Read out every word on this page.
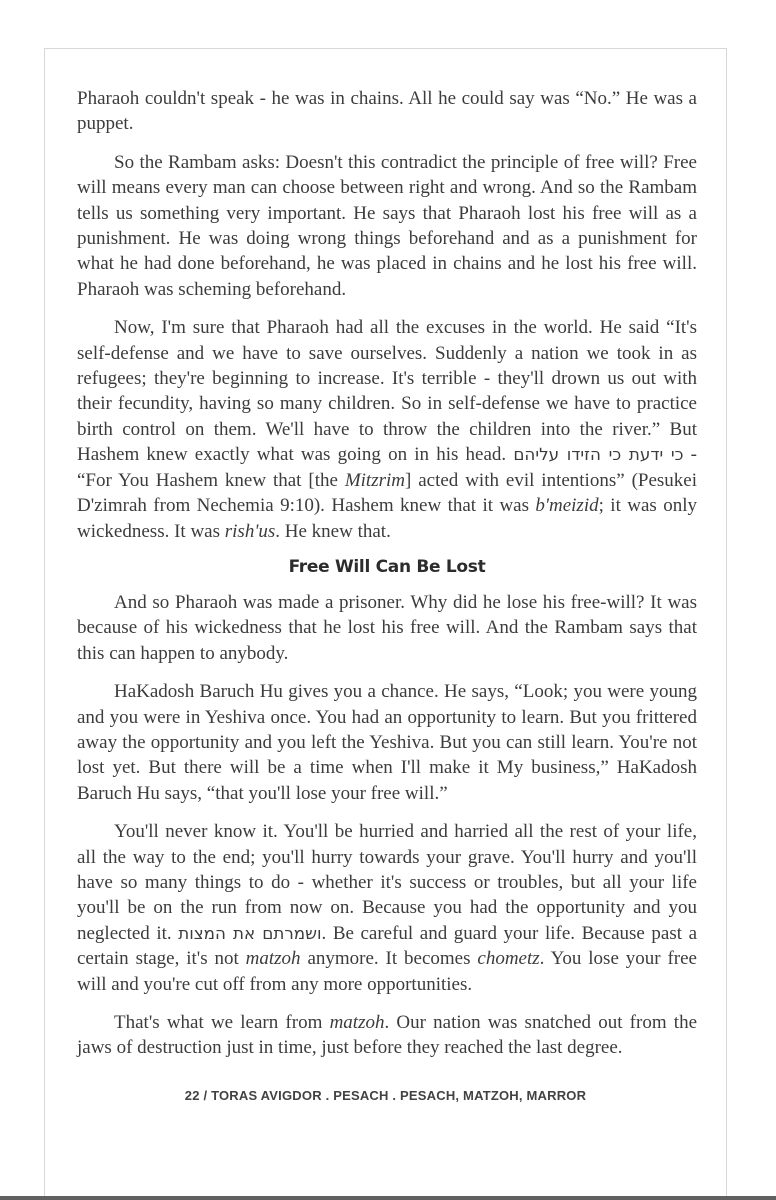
Pharaoh couldn't speak - he was in chains. All he could say was “No.” He was a puppet.

So the Rambam asks: Doesn't this contradict the principle of free will? Free will means every man can choose between right and wrong. And so the Rambam tells us something very important. He says that Pharaoh lost his free will as a punishment. He was doing wrong things beforehand and as a punishment for what he had done beforehand, he was placed in chains and he lost his free will. Pharaoh was scheming beforehand.

Now, I'm sure that Pharaoh had all the excuses in the world. He said “It's self-defense and we have to save ourselves. Suddenly a nation we took in as refugees; they're beginning to increase. It's terrible - they'll drown us out with their fecundity, having so many children. So in self-defense we have to practice birth control on them. We'll have to throw the children into the river.” But Hashem knew exactly what was going on in his head. כי ידעת כי הזידו עליהם - “For You Hashem knew that [the Mitzrim] acted with evil intentions” (Pesukei D'zimrah from Nechemia 9:10). Hashem knew that it was b'meizid; it was only wickedness. It was rish'us. He knew that.

Free Will Can Be Lost

And so Pharaoh was made a prisoner. Why did he lose his free-will? It was because of his wickedness that he lost his free will. And the Rambam says that this can happen to anybody.

HaKadosh Baruch Hu gives you a chance. He says, “Look; you were young and you were in Yeshiva once. You had an opportunity to learn. But you frittered away the opportunity and you left the Yeshiva. But you can still learn. You're not lost yet. But there will be a time when I'll make it My business,” HaKadosh Baruch Hu says, “that you'll lose your free will.”

You'll never know it. You'll be hurried and harried all the rest of your life, all the way to the end; you'll hurry towards your grave. You'll hurry and you'll have so many things to do - whether it's success or troubles, but all your life you'll be on the run from now on. Because you had the opportunity and you neglected it. ושמרתם את המצות. Be careful and guard your life. Because past a certain stage, it's not matzoh anymore. It becomes chometz. You lose your free will and you're cut off from any more opportunities.

That's what we learn from matzoh. Our nation was snatched out from the jaws of destruction just in time, just before they reached the last degree.

22 / TORAS AVIGDOR . PESACH . PESACH, MATZOH, MARROR
